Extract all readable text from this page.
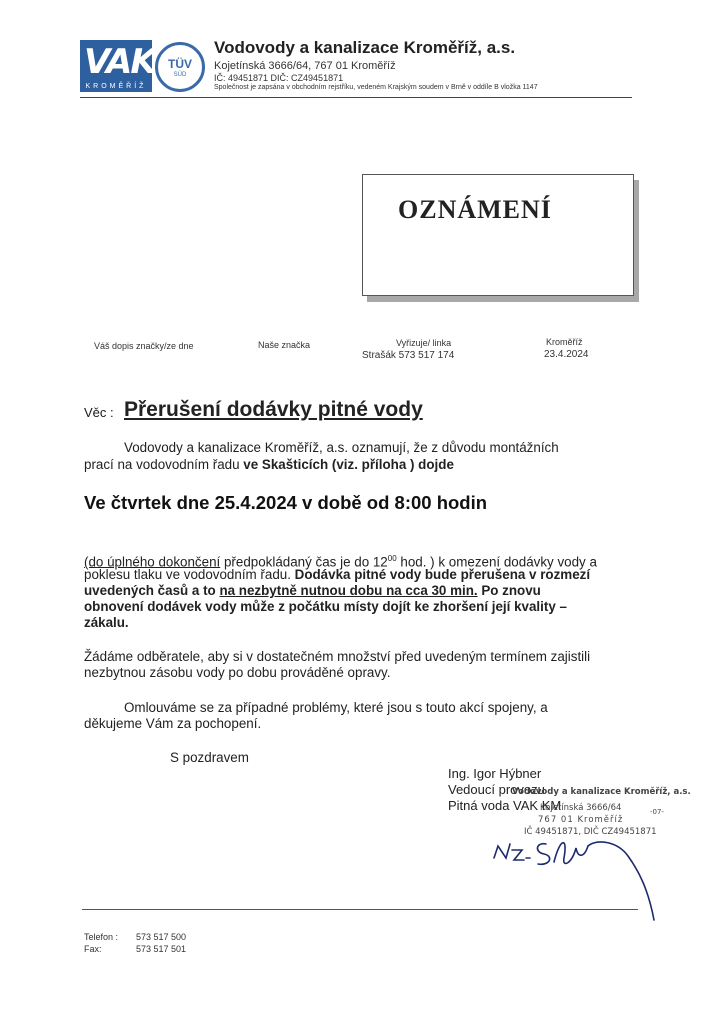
VAK
KROMĚŘÍŽ
TÜV
SÜD
Vodovody a kanalizace Kroměříž, a.s.
Kojetínská 3666/64, 767 01 Kroměříž
IČ: 49451871 DIČ: CZ49451871
Společnost je zapsána v obchodním rejstříku, vedeném Krajským soudem v Brně v oddíle B vložka 1147
OZNÁMENÍ
Váš dopis značky/ze dne	Naše značka	Vyřizuje/ linka
Strašák 573 517 174
Kroměříž
23.4.2024
Věc : Přerušení dodávky pitné vody
Vodovody a kanalizace Kroměříž, a.s. oznamují, že z důvodu montážních
prací na vodovodním řadu ve Skašticích (viz. příloha ) dojde
Ve čtvrtek dne 25.4.2024 v době od 8:00 hodin
(do úplného dokončení předpokládaný čas je do $12^{00}$ hod. ) k omezení dodávky vody a
poklesu tlaku ve vodovodním řadu. Dodávka pitné vody bude přerušena v rozmezí
uvedených časů a to na nezbytně nutnou dobu na cca 30 min. Po znovu
obnovení dodávek vody může z počátku místy dojít ke zhoršení její kvality –
zákalu.
Žádáme odběratele, aby si v dostatečném množství před uvedeným termínem zajistili
nezbytnou zásobu vody po dobu prováděné opravy.
Omlouváme se za případné problémy, které jsou s touto akcí spojeny, a
děkujeme Vám za pochopení.
S pozdravem
Ing. Igor Hýbner
Vedoucí provozu
Pitná voda VAK KM
Vodovody a kanalizace Kroměříž, a.s.
Kojetínská 3666/64	-07-
767 01 Kroměříž
IČ 49451871, DIČ CZ49451871
Telefon : 573 517 500
Fax:	573 517 501
